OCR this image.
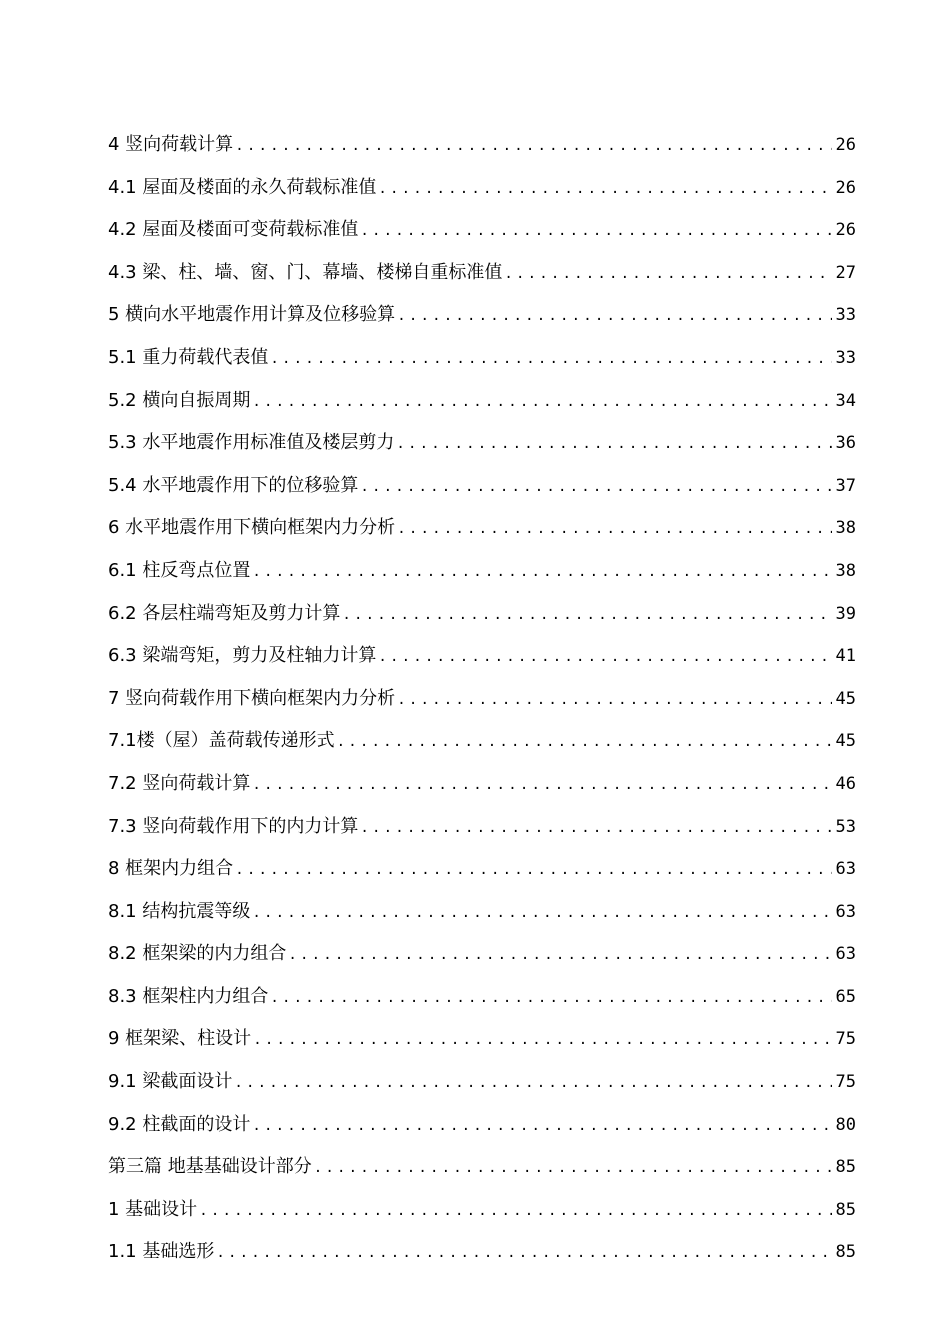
4 竖向荷载计算 .....	26
4.1 屋面及楼面的永久荷载标准值 .....	26
4.2 屋面及楼面可变荷载标准值 .....	26
4.3 梁、柱、墙、窗、门、幕墙、楼梯自重标准值 .....	27
5 横向水平地震作用计算及位移验算 .....	33
5.1 重力荷载代表值 .....	33
5.2 横向自振周期 .....	34
5.3 水平地震作用标准值及楼层剪力 .....	36
5.4 水平地震作用下的位移验算 .....	37
6 水平地震作用下横向框架内力分析 .....	38
6.1 柱反弯点位置 .....	38
6.2 各层柱端弯矩及剪力计算 .....	39
6.3 梁端弯矩，剪力及柱轴力计算 .....	41
7 竖向荷载作用下横向框架内力分析 .....	45
7.1楼（屋）盖荷载传递形式 .....	45
7.2 竖向荷载计算 .....	46
7.3 竖向荷载作用下的内力计算 .....	53
8 框架内力组合 .....	63
8.1 结构抗震等级 .....	63
8.2 框架梁的内力组合 .....	63
8.3 框架柱内力组合 .....	65
9 框架梁、柱设计 .....	75
9.1 梁截面设计 .....	75
9.2 柱截面的设计 .....	80
第三篇 地基基础设计部分 .....	85
1 基础设计 .....	85
1.1 基础选形 .....	85
